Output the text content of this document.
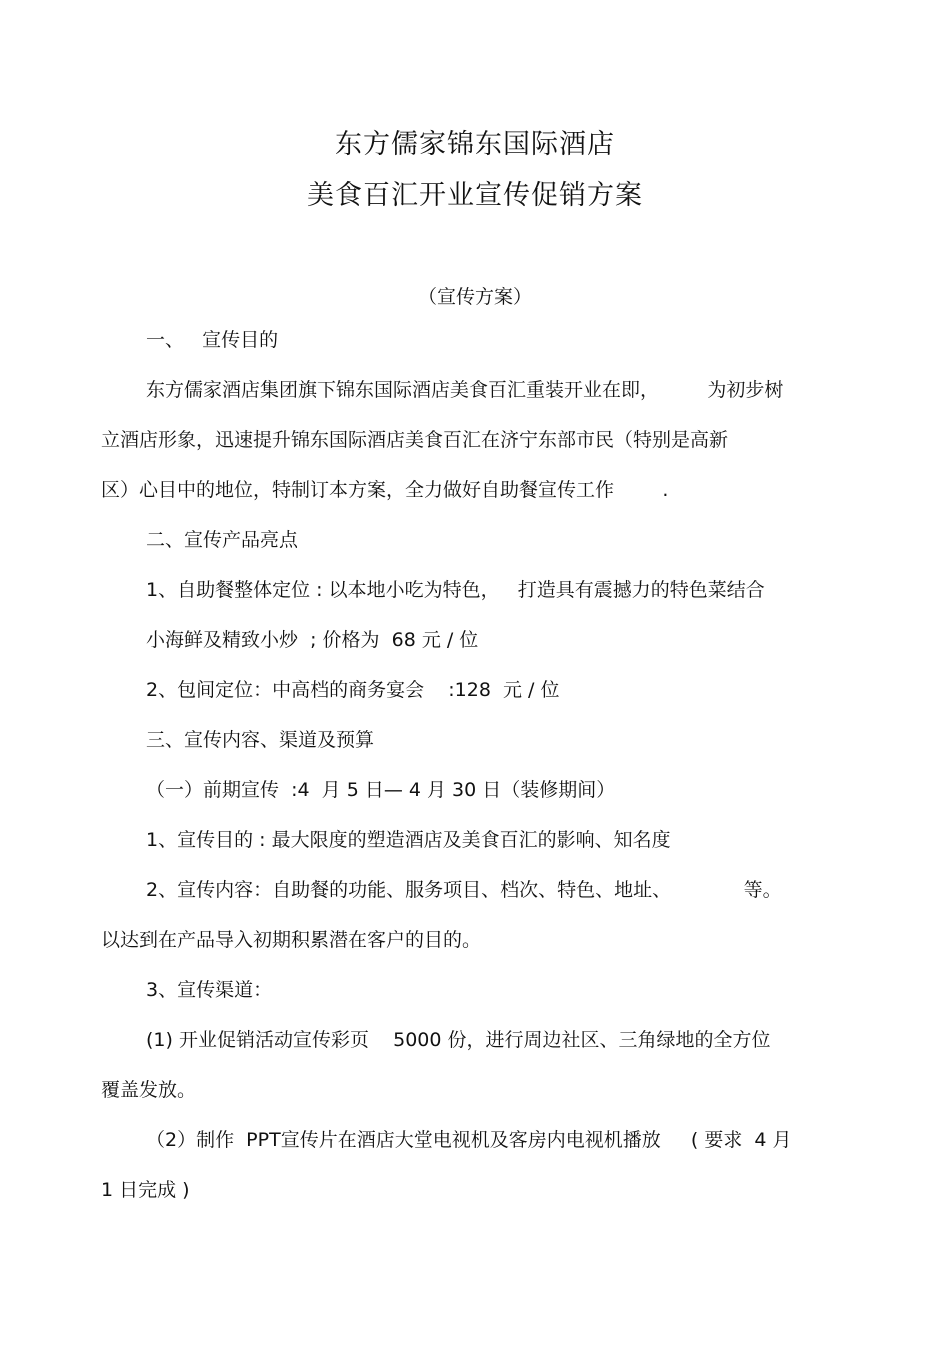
东方儒家锦东国际酒店
美食百汇开业宣传促销方案

（宣传方案）

一、   宣传目的

东方儒家酒店集团旗下锦东国际酒店美食百汇重装开业在即，        为初步树

立酒店形象，迅速提升锦东国际酒店美食百汇在济宁东部市民（特别是高新

区）心目中的地位，特制订本方案，全力做好自助餐宣传工作        .

二、宣传产品亮点

1、自助餐整体定位 : 以本地小吃为特色，   打造具有震撼力的特色菜结合

小海鲜及精致小炒  ; 价格为  68 元 / 位

2、包间定位：中高档的商务宴会    :128  元 / 位

三、宣传内容、渠道及预算

（一）前期宣传  :4  月 5 日— 4 月 30 日（装修期间）

1、宣传目的 : 最大限度的塑造酒店及美食百汇的影响、知名度

2、宣传内容：自助餐的功能、服务项目、档次、特色、地址、            等。

以达到在产品导入初期积累潜在客户的目的。

3、宣传渠道：

(1) 开业促销活动宣传彩页    5000 份，进行周边社区、三角绿地的全方位

覆盖发放。

（2）制作  PPT宣传片在酒店大堂电视机及客房内电视机播放     ( 要求  4 月

1 日完成 )
